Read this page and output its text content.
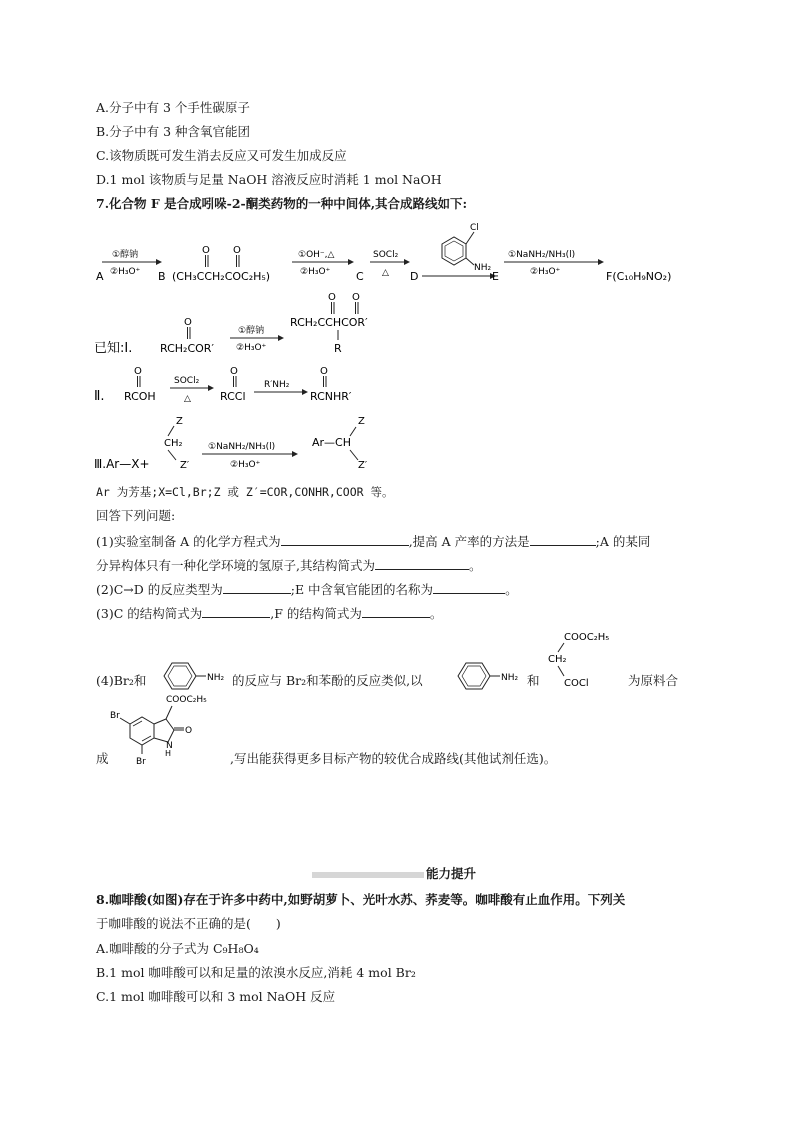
A.分子中有 3 个手性碳原子
B.分子中有 3 种含氧官能团
C.该物质既可发生消去反应又可发生加成反应
D.1 mol 该物质与足量 NaOH 溶液反应时消耗 1 mol NaOH
7.化合物 F 是合成吲哚-2-酮类药物的一种中间体,其合成路线如下:
①醇钠
②H₃O⁺
A	B
O O
(CH₃CCH₂COC₂H₅)
①OH⁻,△
②H₃O⁺ C
SOCl₂
△ D
Cl
NH₂
E
①NaNH₂/NH₃(l)
②H₃O⁺	F(C₁₀H₉NO₂)
已知:Ⅰ.
O
RCH₂COR′
①醇钠
②H₃O⁺
O O
RCH₂CCHCOR′
R
Ⅱ.
O
RCOH
SOCl₂
△
O
RCCl
R′NH₂
O
RCNHR′
Ⅲ.Ar—X+
Z
CH₂
Z′
①NaNH₂/NH₃(l)
②H₃O⁺
Z
Ar—CH
Z′
Ar 为芳基;X=Cl,Br;Z 或 Z′=COR,CONHR,COOR 等。
回答下列问题:
(1)实验室制备 A 的化学方程式为	,提高 A 产率的方法是	;A 的某同
分异构体只有一种化学环境的氢原子,其结构简式为	。
(2)C→D 的反应类型为	;E 中含氧官能团的名称为	。
(3)C 的结构简式为	,F 的结构简式为	。
(4)Br₂和	NH₂ 的反应与 Br₂和苯酚的反应类似,以	NH₂ 和
COOC₂H₅
CH₂
COCl	为原料合
成
COOC₂H₅
O
N
H
Br
Br	,写出能获得更多目标产物的较优合成路线(其他试剂任选)。
能力提升
8.咖啡酸(如图)存在于许多中药中,如野胡萝卜、光叶水苏、荞麦等。咖啡酸有止血作用。下列关
于咖啡酸的说法不正确的是(　　)
A.咖啡酸的分子式为 C₉H₈O₄
B.1 mol 咖啡酸可以和足量的浓溴水反应,消耗 4 mol Br₂
C.1 mol 咖啡酸可以和 3 mol NaOH 反应
